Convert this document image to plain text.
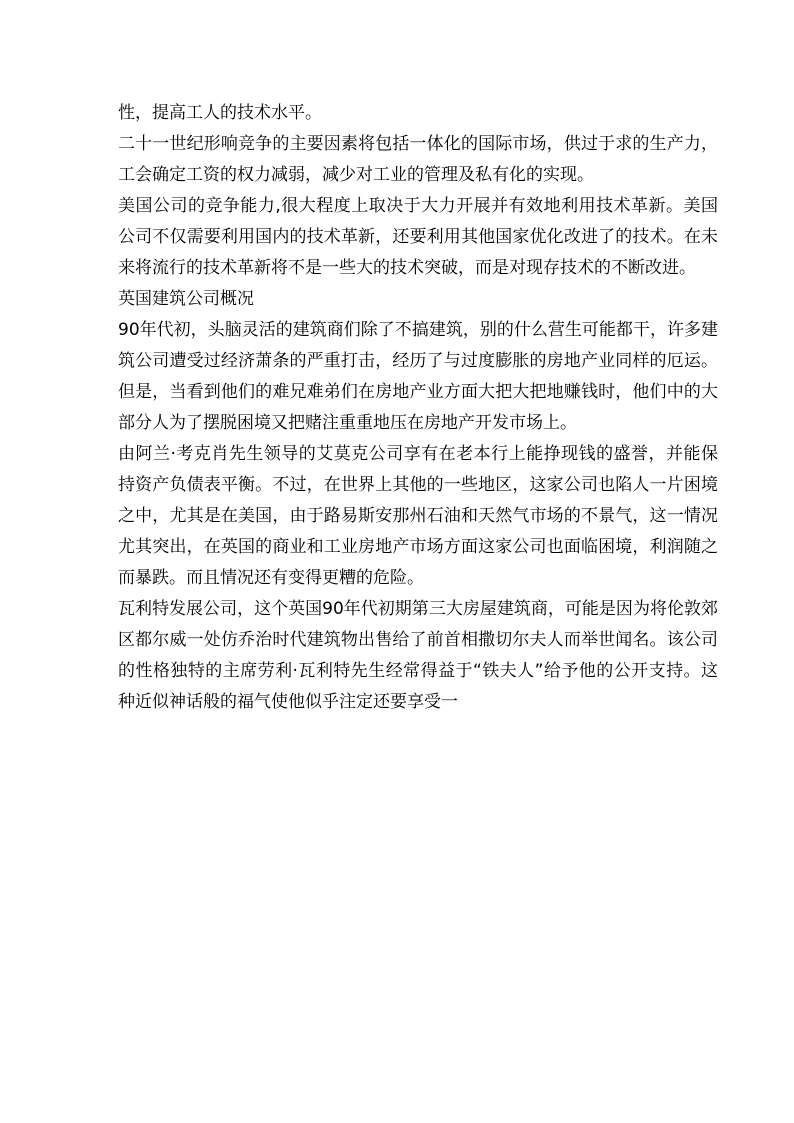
性，提高工人的技术水平。

二十一世纪形响竞争的主要因素将包括一体化的国际市场，供过于求的生产力，工会确定工资的权力减弱，减少对工业的管理及私有化的实现。

美国公司的竞争能力,很大程度上取决于大力开展并有效地利用技术革新。美国公司不仅需要利用国内的技术革新，还要利用其他国家优化改进了的技术。在未来将流行的技术革新将不是一些大的技术突破，而是对现存技术的不断改进。

英国建筑公司概况

90年代初，头脑灵活的建筑商们除了不搞建筑，别的什么营生可能都干，许多建筑公司遭受过经济萧条的严重打击，经历了与过度膨胀的房地产业同样的厄运。但是，当看到他们的难兄难弟们在房地产业方面大把大把地赚钱时，他们中的大部分人为了摆脱困境又把赌注重重地压在房地产开发市场上。

由阿兰·考克肖先生领导的艾莫克公司享有在老本行上能挣现钱的盛誉，并能保持资产负债表平衡。不过，在世界上其他的一些地区，这家公司也陷人一片困境之中，尤其是在美国，由于路易斯安那州石油和天然气市场的不景气，这一情况尤其突出，在英国的商业和工业房地产市场方面这家公司也面临困境，利润随之而暴跌。而且情况还有变得更糟的危险。

瓦利特发展公司，这个英国90年代初期第三大房屋建筑商，可能是因为将伦敦郊区都尔威一处仿乔治时代建筑物出售给了前首相撒切尔夫人而举世闻名。该公司的性格独特的主席劳利·瓦利特先生经常得益于“铁夫人”给予他的公开支持。这种近似神话般的福气使他似乎注定还要享受一
